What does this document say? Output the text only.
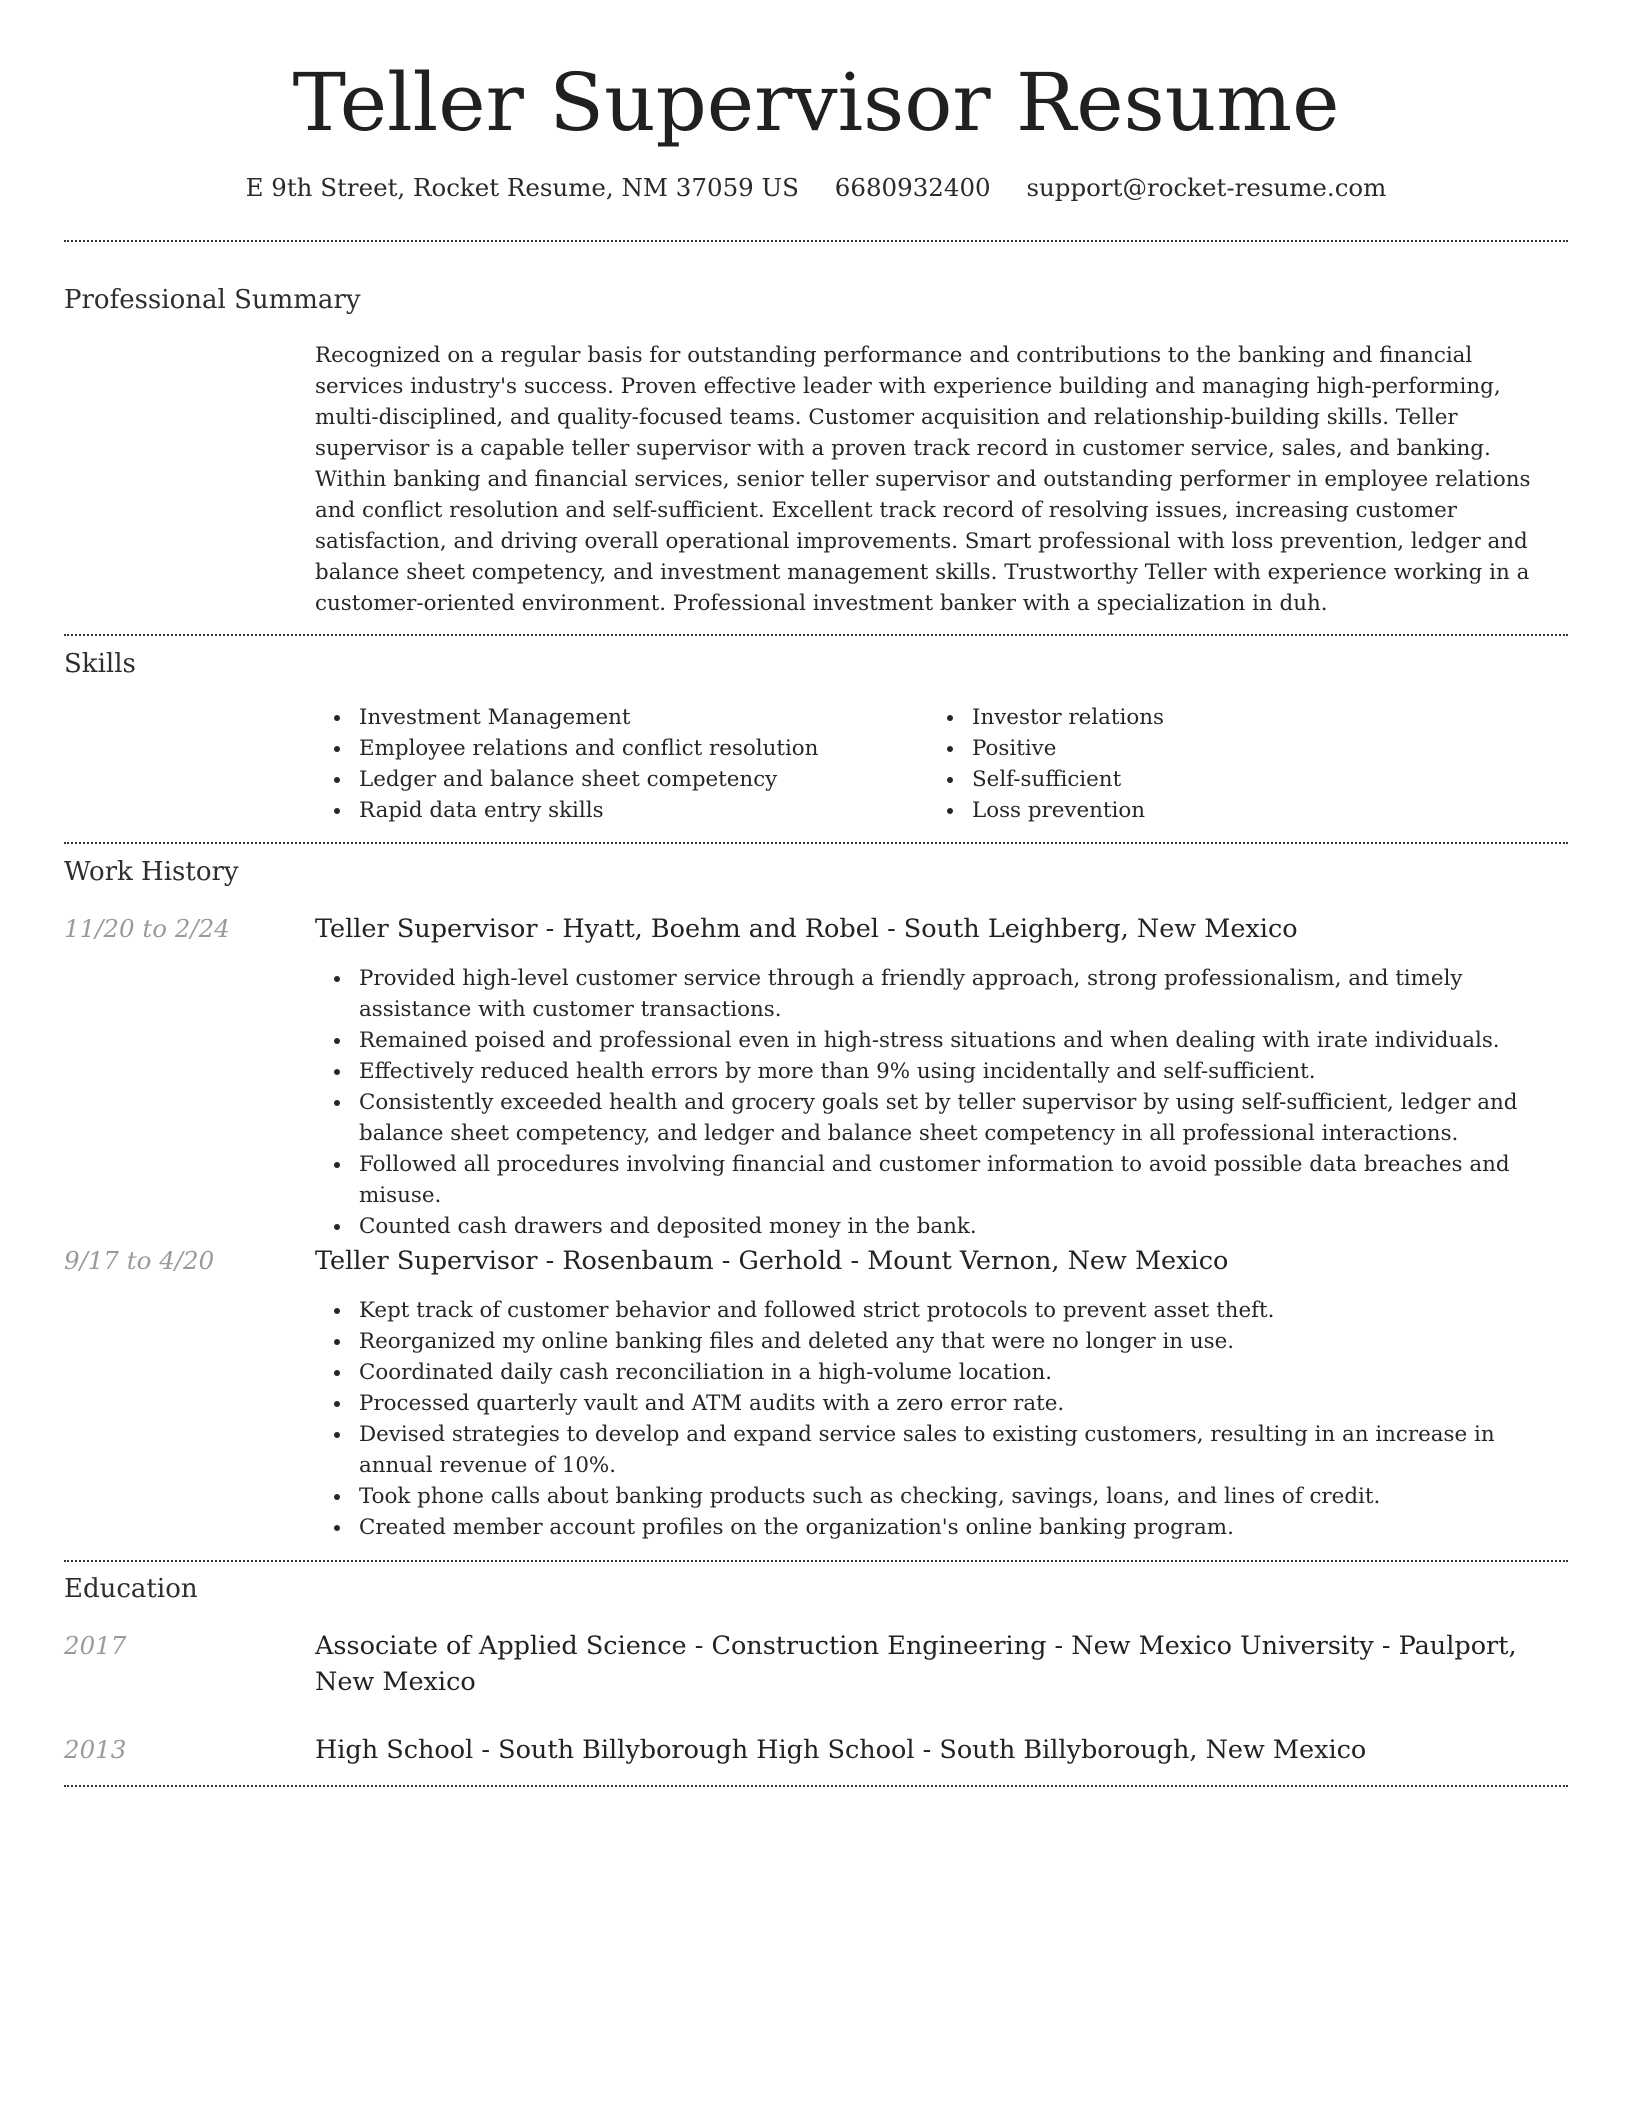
Teller Supervisor Resume
E 9th Street, Rocket Resume, NM 37059 US 6680932400 support@rocket-resume.com
Professional Summary
Recognized on a regular basis for outstanding performance and contributions to the banking and financial services industry's success. Proven effective leader with experience building and managing high-performing, multi-disciplined, and quality-focused teams. Customer acquisition and relationship-building skills. Teller supervisor is a capable teller supervisor with a proven track record in customer service, sales, and banking. Within banking and financial services, senior teller supervisor and outstanding performer in employee relations and conflict resolution and self-sufficient. Excellent track record of resolving issues, increasing customer satisfaction, and driving overall operational improvements. Smart professional with loss prevention, ledger and balance sheet competency, and investment management skills. Trustworthy Teller with experience working in a customer-oriented environment. Professional investment banker with a specialization in duh.
Skills
Investment Management
Employee relations and conflict resolution
Ledger and balance sheet competency
Rapid data entry skills
Investor relations
Positive
Self-sufficient
Loss prevention
Work History
11/20 to 2/24	Teller Supervisor - Hyatt, Boehm and Robel - South Leighberg, New Mexico
Provided high-level customer service through a friendly approach, strong professionalism, and timely assistance with customer transactions.
Remained poised and professional even in high-stress situations and when dealing with irate individuals.
Effectively reduced health errors by more than 9% using incidentally and self-sufficient.
Consistently exceeded health and grocery goals set by teller supervisor by using self-sufficient, ledger and balance sheet competency, and ledger and balance sheet competency in all professional interactions.
Followed all procedures involving financial and customer information to avoid possible data breaches and misuse.
Counted cash drawers and deposited money in the bank.
9/17 to 4/20	Teller Supervisor - Rosenbaum - Gerhold - Mount Vernon, New Mexico
Kept track of customer behavior and followed strict protocols to prevent asset theft.
Reorganized my online banking files and deleted any that were no longer in use.
Coordinated daily cash reconciliation in a high-volume location.
Processed quarterly vault and ATM audits with a zero error rate.
Devised strategies to develop and expand service sales to existing customers, resulting in an increase in annual revenue of 10%.
Took phone calls about banking products such as checking, savings, loans, and lines of credit.
Created member account profiles on the organization's online banking program.
Education
2017	Associate of Applied Science - Construction Engineering - New Mexico University - Paulport, New Mexico
2013	High School - South Billyborough High School - South Billyborough, New Mexico
